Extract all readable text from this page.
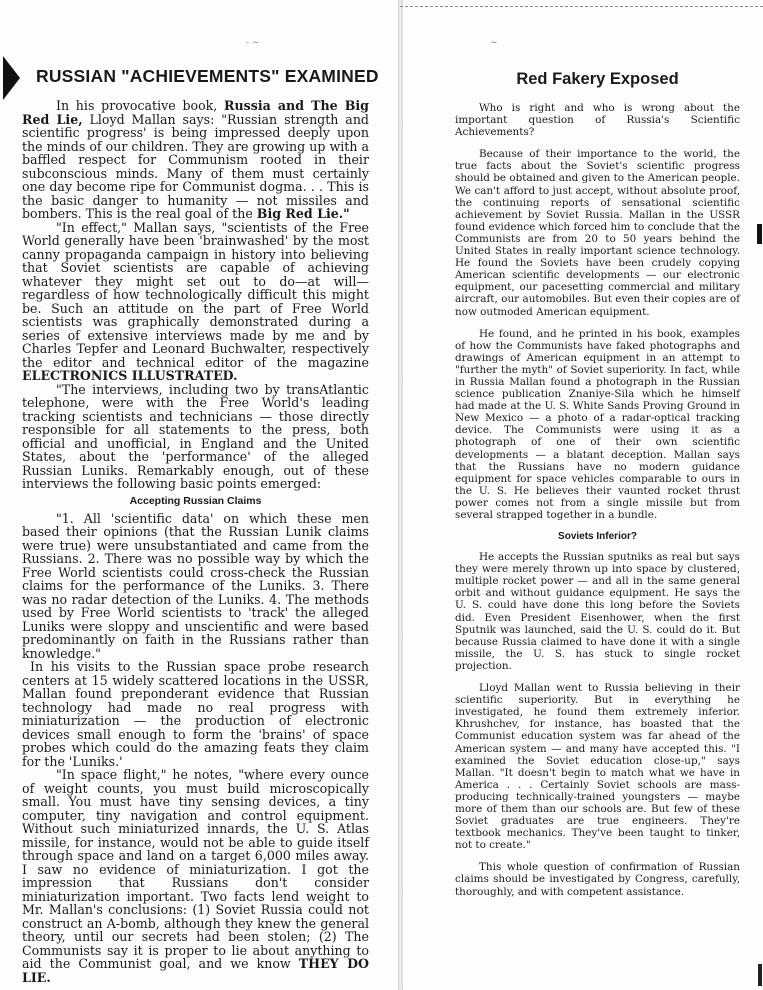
- ~	~
RUSSIAN "ACHIEVEMENTS" EXAMINED

In his provocative book, Russia and The Big Red Lie, Lloyd Mallan says: "Russian strength and scientific progress' is being impressed deeply upon the minds of our children. They are growing up with a baffled respect for Communism rooted in their subconscious minds. Many of them must certainly one day become ripe for Communist dogma. . . This is the basic danger to humanity — not missiles and bombers. This is the real goal of the Big Red Lie."

"In effect," Mallan says, "scientists of the Free World generally have been 'brainwashed' by the most canny propaganda campaign in history into believing that Soviet scientists are capable of achieving whatever they might set out to do—at will—regardless of how technologically difficult this might be. Such an attitude on the part of Free World scientists was graphically demonstrated during a series of extensive interviews made by me and by Charles Tepfer and Leonard Buchwalter, respectively the editor and technical editor of the magazine ELECTRONICS ILLUSTRATED.

"The interviews, including two by transAtlantic telephone, were with the Free World's leading tracking scientists and technicians — those directly responsible for all statements to the press, both official and unofficial, in England and the United States, about the 'performance' of the alleged Russian Luniks. Remarkably enough, out of these interviews the following basic points emerged:

Accepting Russian Claims

"1. All 'scientific data' on which these men based their opinions (that the Russian Lunik claims were true) were unsubstantiated and came from the Russians. 2. There was no possible way by which the Free World scientists could cross-check the Russian claims for the performance of the Luniks. 3. There was no radar detection of the Luniks. 4. The methods used by Free World scientists to 'track' the alleged Luniks were sloppy and unscientific and were based predominantly on faith in the Russians rather than knowledge."

In his visits to the Russian space probe research centers at 15 widely scattered locations in the USSR, Mallan found preponderant evidence that Russian technology had made no real progress with miniaturization — the production of electronic devices small enough to form the 'brains' of space probes which could do the amazing feats they claim for the 'Luniks.'

"In space flight," he notes, "where every ounce of weight counts, you must build microscopically small. You must have tiny sensing devices, a tiny computer, tiny navigation and control equipment. Without such miniaturized innards, the U. S. Atlas missile, for instance, would not be able to guide itself through space and land on a target 6,000 miles away. I saw no evidence of miniaturization. I got the impression that Russians don't consider miniaturization important. Two facts lend weight to Mr. Mallan's conclusions: (1) Soviet Russia could not construct an A-bomb, although they knew the general theory, until our secrets had been stolen; (2) The Communists say it is proper to lie about anything to aid the Communist goal, and we know THEY DO LIE.

Red Fakery Exposed

Who is right and who is wrong about the important question of Russia's Scientific Achievements?

Because of their importance to the world, the true facts about the Soviet's scientific progress should be obtained and given to the American people. We can't afford to just accept, without absolute proof, the continuing reports of sensational scientific achievement by Soviet Russia. Mallan in the USSR found evidence which forced him to conclude that the Communists are from 20 to 50 years behind the United States in really important science technology. He found the Soviets have been crudely copying American scientific developments — our electronic equipment, our pacesetting commercial and military aircraft, our automobiles. But even their copies are of now outmoded American equipment.

He found, and he printed in his book, examples of how the Communists have faked photographs and drawings of American equipment in an attempt to "further the myth" of Soviet superiority. In fact, while in Russia Mallan found a photograph in the Russian science publication Znaniye-Sila which he himself had made at the U. S. White Sands Proving Ground in New Mexico — a photo of a radar-optical tracking device. The Communists were using it as a photograph of one of their own scientific developments — a blatant deception. Mallan says that the Russians have no modern guidance equipment for space vehicles comparable to ours in the U. S. He believes their vaunted rocket thrust power comes not from a single missile but from several strapped together in a bundle.

Soviets Inferior?

He accepts the Russian sputniks as real but says they were merely thrown up into space by clustered, multiple rocket power — and all in the same general orbit and without guidance equipment. He says the U. S. could have done this long before the Soviets did. Even President Eisenhower, when the first Sputnik was launched, said the U. S. could do it. But because Russia claimed to have done it with a single missile, the U. S. has stuck to single rocket projection.

Lloyd Mallan went to Russia believing in their scientific superiority. But in everything he investigated, he found them extremely inferior. Khrushchev, for instance, has boasted that the Communist education system was far ahead of the American system — and many have accepted this. "I examined the Soviet education close-up," says Mallan. "It doesn't begin to match what we have in America . . . Certainly Soviet schools are mass-producing technically-trained youngsters — maybe more of them than our schools are. But few of these Soviet graduates are true engineers. They're textbook mechanics. They've been taught to tinker, not to create."

This whole question of confirmation of Russian claims should be investigated by Congress, carefully, thoroughly, and with competent assistance.
